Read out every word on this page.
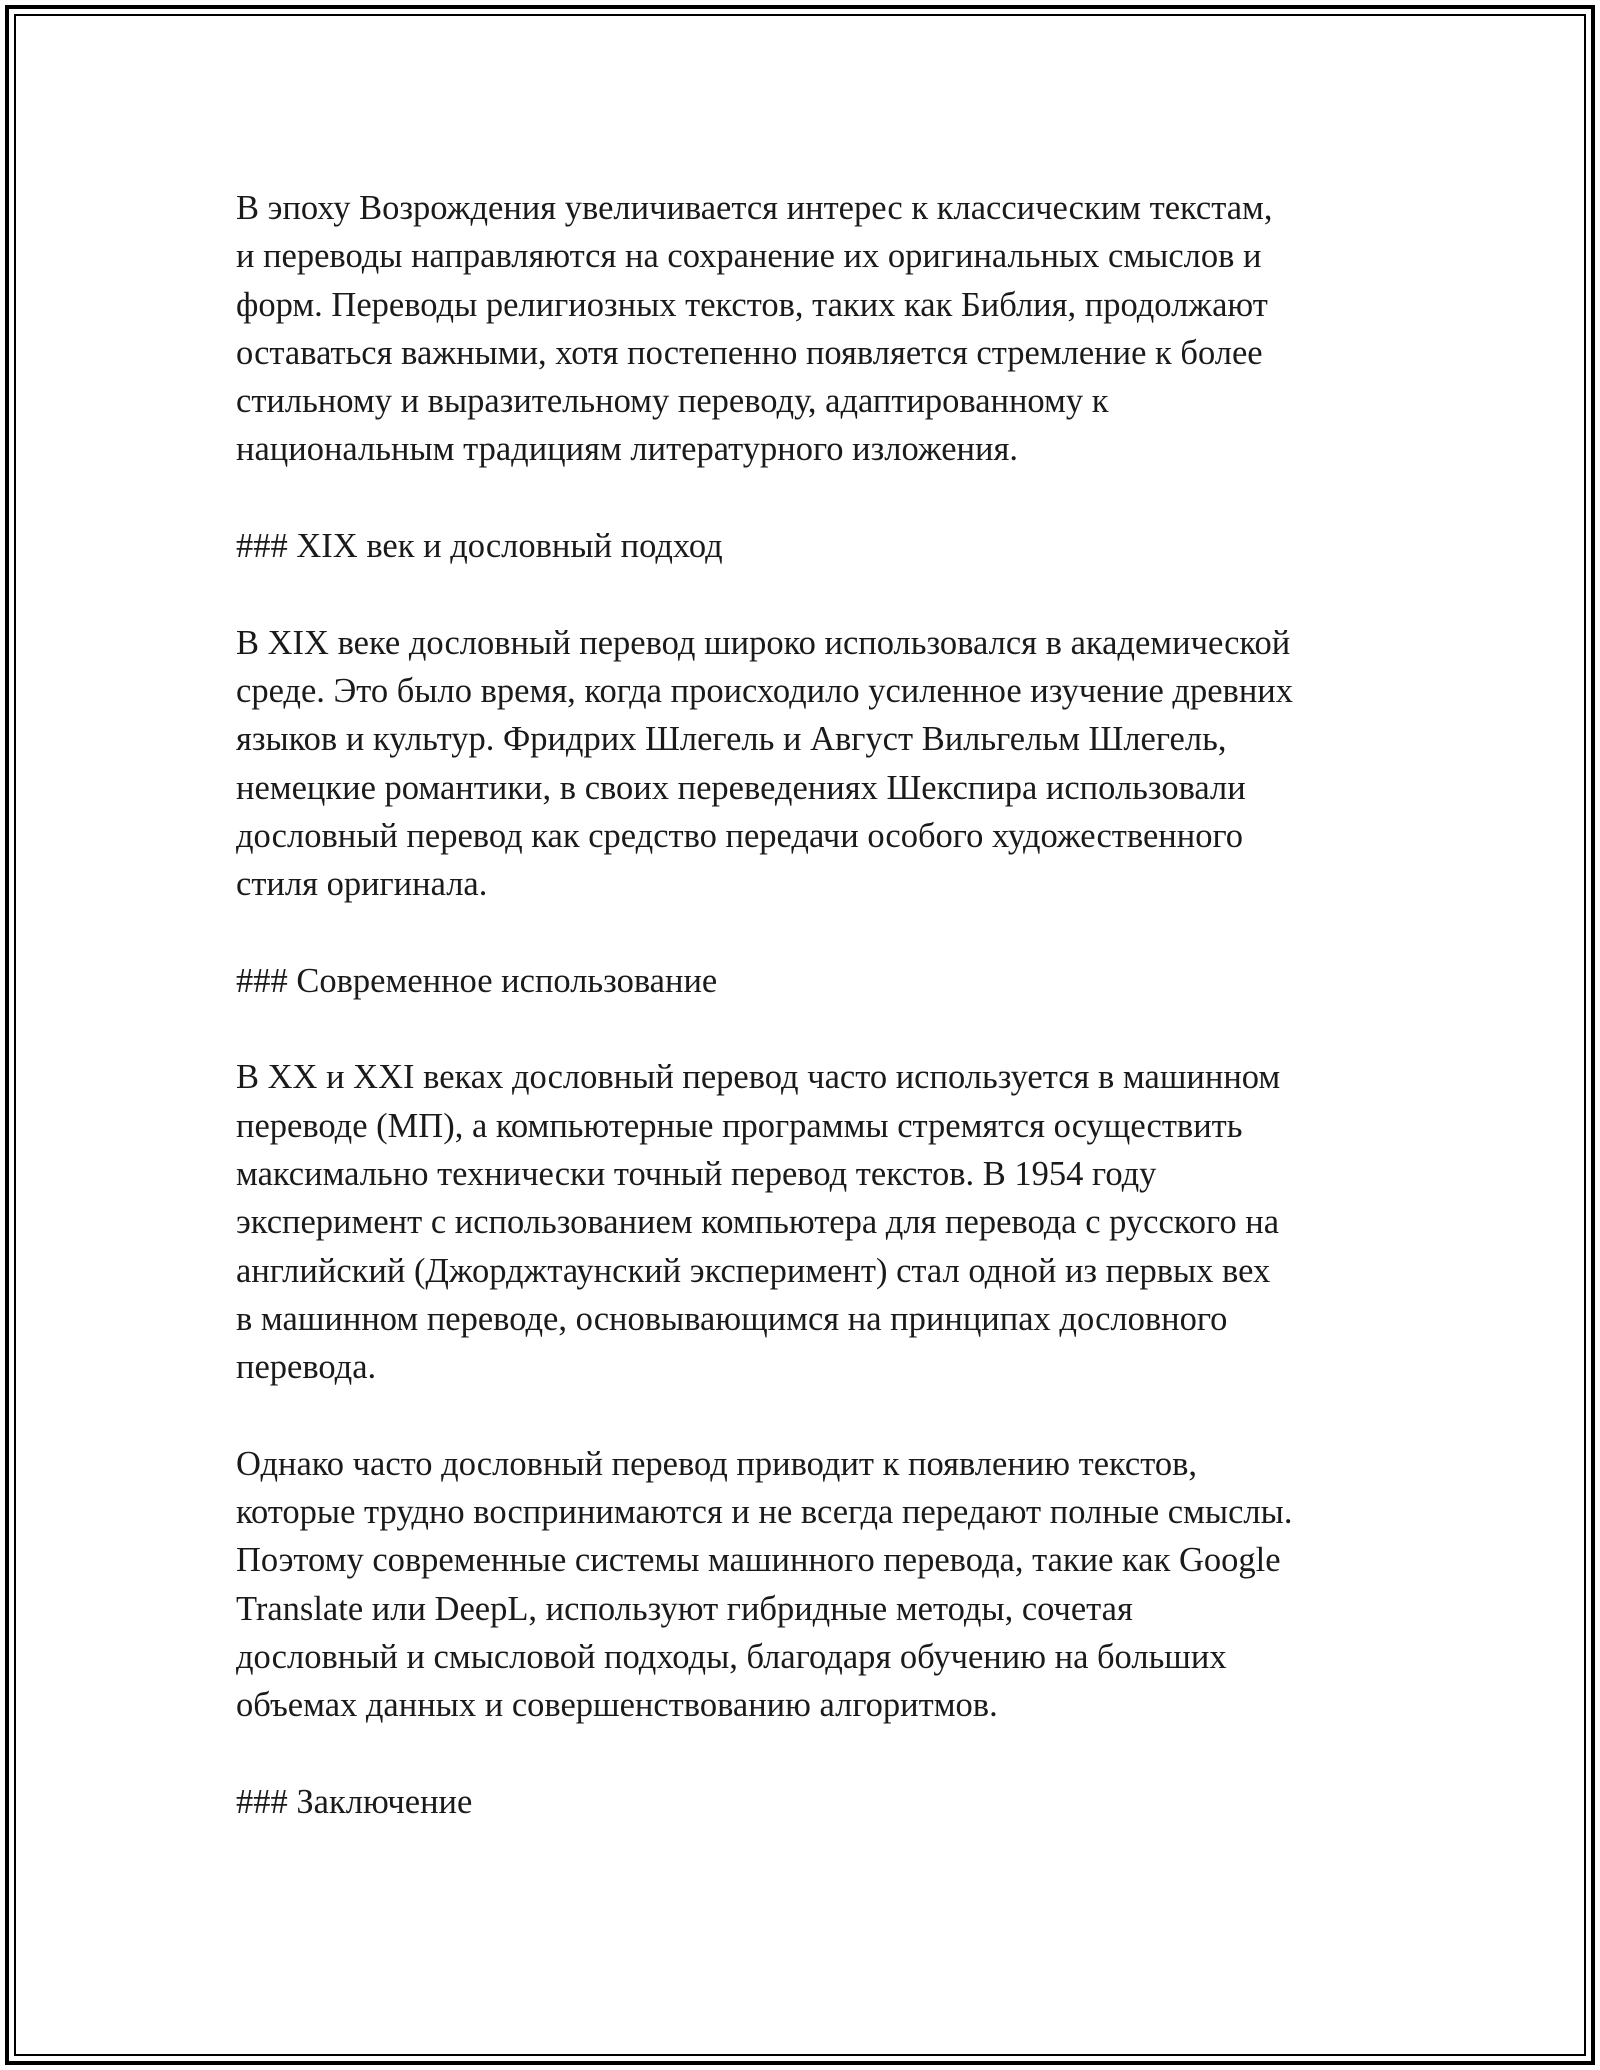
В эпоху Возрождения увеличивается интерес к классическим текстам,
и переводы направляются на сохранение их оригинальных смыслов и
форм. Переводы религиозных текстов, таких как Библия, продолжают
оставаться важными, хотя постепенно появляется стремление к более
стильному и выразительному переводу, адаптированному к
национальным традициям литературного изложения.
### XIX век и дословный подход
В XIX веке дословный перевод широко использовался в академической
среде. Это было время, когда происходило усиленное изучение древних
языков и культур. Фридрих Шлегель и Август Вильгельм Шлегель,
немецкие романтики, в своих переведениях Шекспира использовали
дословный перевод как средство передачи особого художественного
стиля оригинала.
### Современное использование
В XX и XXI веках дословный перевод часто используется в машинном
переводе (МП), а компьютерные программы стремятся осуществить
максимально технически точный перевод текстов. В 1954 году
эксперимент с использованием компьютера для перевода с русского на
английский (Джорджтаунский эксперимент) стал одной из первых вех
в машинном переводе, основывающимся на принципах дословного
перевода.
Однако часто дословный перевод приводит к появлению текстов,
которые трудно воспринимаются и не всегда передают полные смыслы.
Поэтому современные системы машинного перевода, такие как Google
Translate или DeepL, используют гибридные методы, сочетая
дословный и смысловой подходы, благодаря обучению на больших
объемах данных и совершенствованию алгоритмов.
### Заключение
